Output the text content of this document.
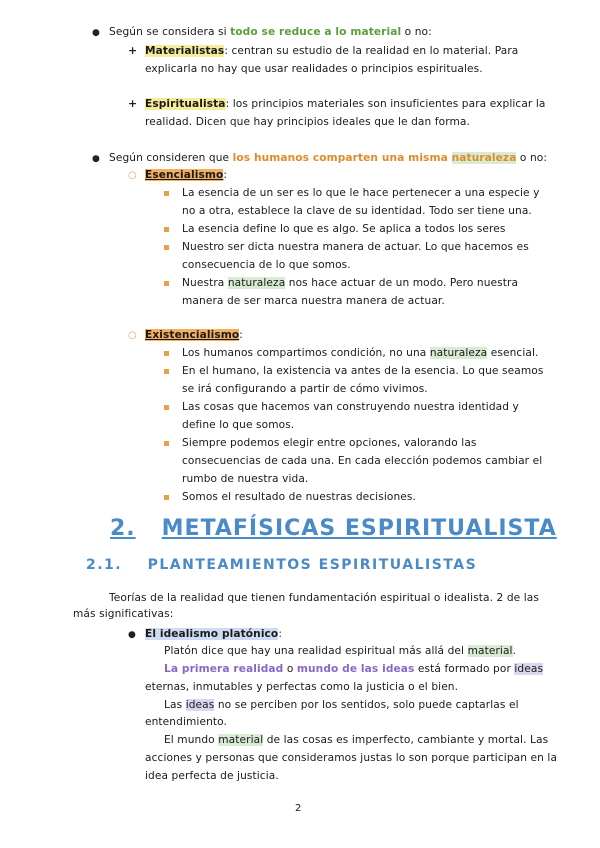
● Según se considera si todo se reduce a lo material o no:
+ Materialistas: centran su estudio de la realidad en lo material. Para
explicarla no hay que usar realidades o principios espirituales.
+ Espiritualista: los principios materiales son insuficientes para explicar la
realidad. Dicen que hay principios ideales que le dan forma.
● Según consideren que los humanos comparten una misma naturaleza o no:
○ Esencialismo:
La esencia de un ser es lo que le hace pertenecer a una especie y
no a otra, establece la clave de su identidad. Todo ser tiene una.
La esencia define lo que es algo. Se aplica a todos los seres
Nuestro ser dicta nuestra manera de actuar. Lo que hacemos es
consecuencia de lo que somos.
Nuestra naturaleza nos hace actuar de un modo. Pero nuestra
manera de ser marca nuestra manera de actuar.
○ Existencialismo:
Los humanos compartimos condición, no una naturaleza esencial.
En el humano, la existencia va antes de la esencia. Lo que seamos
se irá configurando a partir de cómo vivimos.
Las cosas que hacemos van construyendo nuestra identidad y
define lo que somos.
Siempre podemos elegir entre opciones, valorando las
consecuencias de cada una. En cada elección podemos cambiar el
rumbo de nuestra vida.
Somos el resultado de nuestras decisiones.
2. METAFÍSICAS ESPIRITUALISTA
2.1. PLANTEAMIENTOS ESPIRITUALISTAS
Teorías de la realidad que tienen fundamentación espiritual o idealista. 2 de las
más significativas:
● El idealismo platónico:
Platón dice que hay una realidad espiritual más allá del material.
La primera realidad o mundo de las ideas está formado por ideas
eternas, inmutables y perfectas como la justicia o el bien.
Las ideas no se perciben por los sentidos, solo puede captarlas el
entendimiento.
El mundo material de las cosas es imperfecto, cambiante y mortal. Las
acciones y personas que consideramos justas lo son porque participan en la
idea perfecta de justicia.
2
